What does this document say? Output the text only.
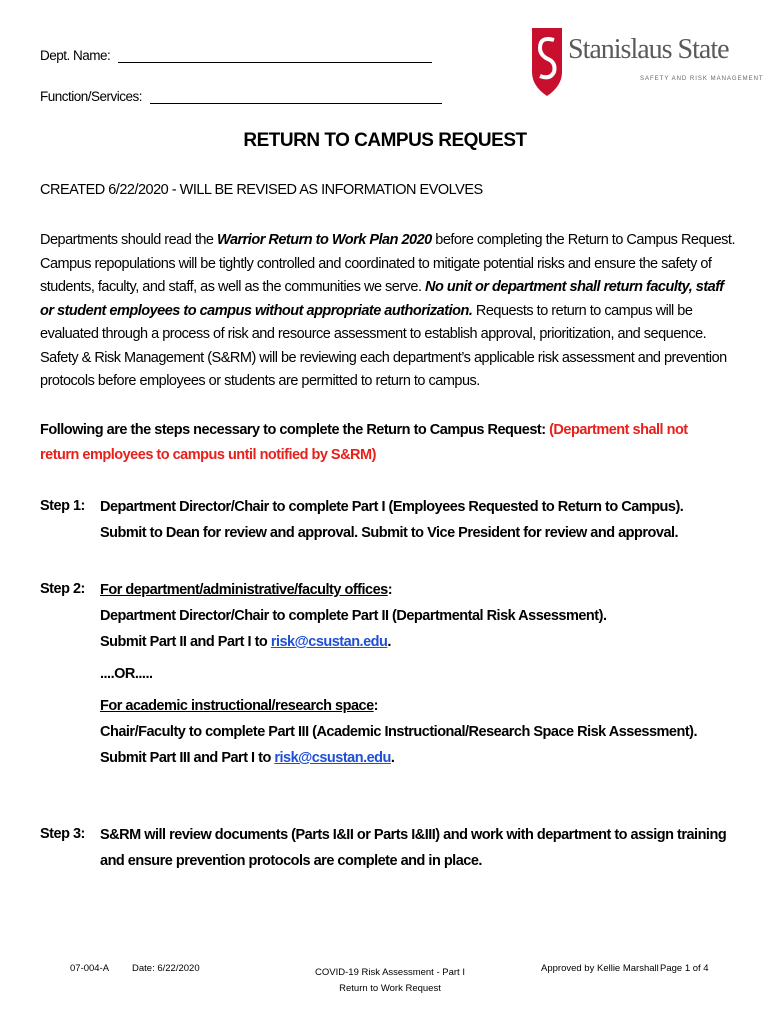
Dept. Name:
Function/Services:
Stanislaus State
SAFETY AND RISK MANAGEMENT
RETURN TO CAMPUS REQUEST
CREATED 6/22/2020 - WILL BE REVISED AS INFORMATION EVOLVES
Departments should read the Warrior Return to Work Plan 2020 before completing the Return to Campus Request. Campus repopulations will be tightly controlled and coordinated to mitigate potential risks and ensure the safety of students, faculty, and staff, as well as the communities we serve. No unit or department shall return faculty, staff or student employees to campus without appropriate authorization. Requests to return to campus will be evaluated through a process of risk and resource assessment to establish approval, prioritization, and sequence. Safety & Risk Management (S&RM) will be reviewing each department’s applicable risk assessment and prevention protocols before employees or students are permitted to return to campus.
Following are the steps necessary to complete the Return to Campus Request: (Department shall not return employees to campus until notified by S&RM)
Step 1: Department Director/Chair to complete Part I (Employees Requested to Return to Campus).
Submit to Dean for review and approval. Submit to Vice President for review and approval.
Step 2: For department/administrative/faculty offices:
Department Director/Chair to complete Part II (Departmental Risk Assessment).
Submit Part II and Part I to risk@csustan.edu.
....OR.....
For academic instructional/research space:
Chair/Faculty to complete Part III (Academic Instructional/Research Space Risk Assessment).
Submit Part III and Part I to risk@csustan.edu.
Step 3: S&RM will review documents (Parts I&II or Parts I&III) and work with department to assign training
and ensure prevention protocols are complete and in place.
07-004-A Date: 6/22/2020	COVID-19 Risk Assessment - Part I
Return to Work Request
Approved by Kellie Marshall Page 1 of 4
